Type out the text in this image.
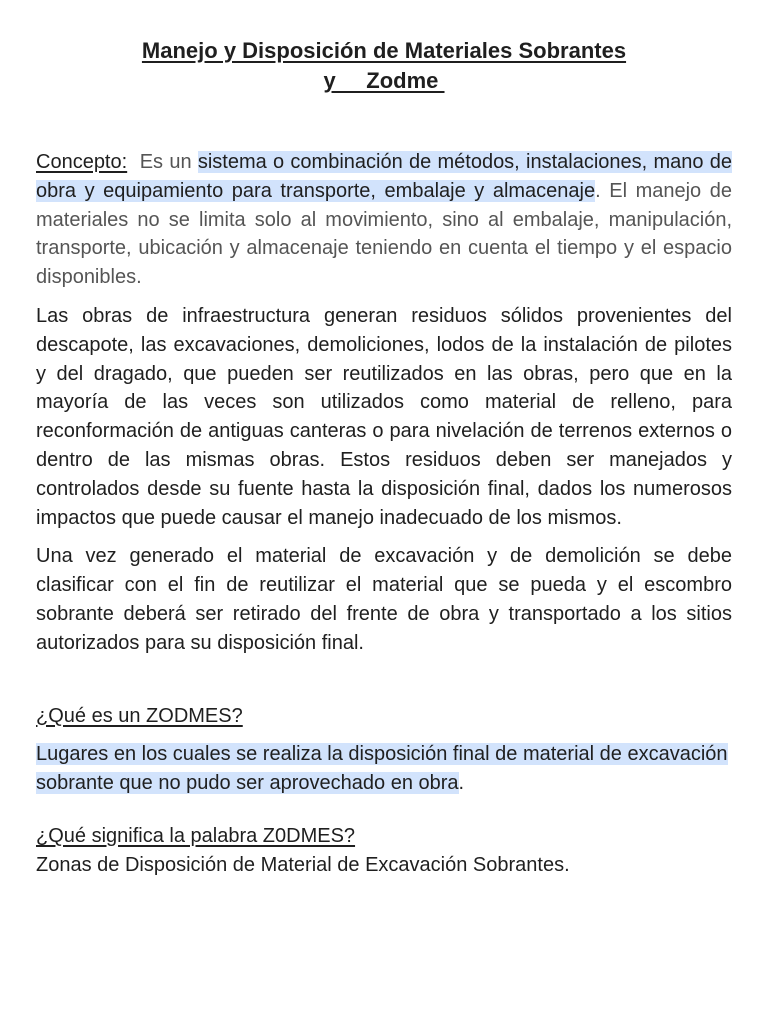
Manejo y Disposición de Materiales Sobrantes
y     Zodme

Concepto:  Es un sistema o combinación de métodos, instalaciones, mano de obra y equipamiento para transporte, embalaje y almacenaje. El manejo de materiales no se limita solo al movimiento, sino al embalaje, manipulación, transporte, ubicación y almacenaje teniendo en cuenta el tiempo y el espacio disponibles.

Las obras de infraestructura generan residuos sólidos provenientes del descapote, las excavaciones, demoliciones, lodos de la instalación de pilotes y del dragado, que pueden ser reutilizados en las obras, pero que en la mayoría de las veces son utilizados como material de relleno, para reconformación de antiguas canteras o para nivelación de terrenos externos o dentro de las mismas obras. Estos residuos deben ser manejados y controlados desde su fuente hasta la disposición final, dados los numerosos impactos que puede causar el manejo inadecuado de los mismos.

Una vez generado el material de excavación y de demolición se debe clasificar con el fin de reutilizar el material que se pueda y el escombro sobrante deberá ser retirado del frente de obra y transportado a los sitios autorizados para su disposición final.

¿Qué es un ZODMES?

Lugares en los cuales se realiza la disposición final de material de excavación sobrante que no pudo ser aprovechado en obra.

¿Qué significa la palabra Z0DMES?

Zonas de Disposición de Material de Excavación Sobrantes.
